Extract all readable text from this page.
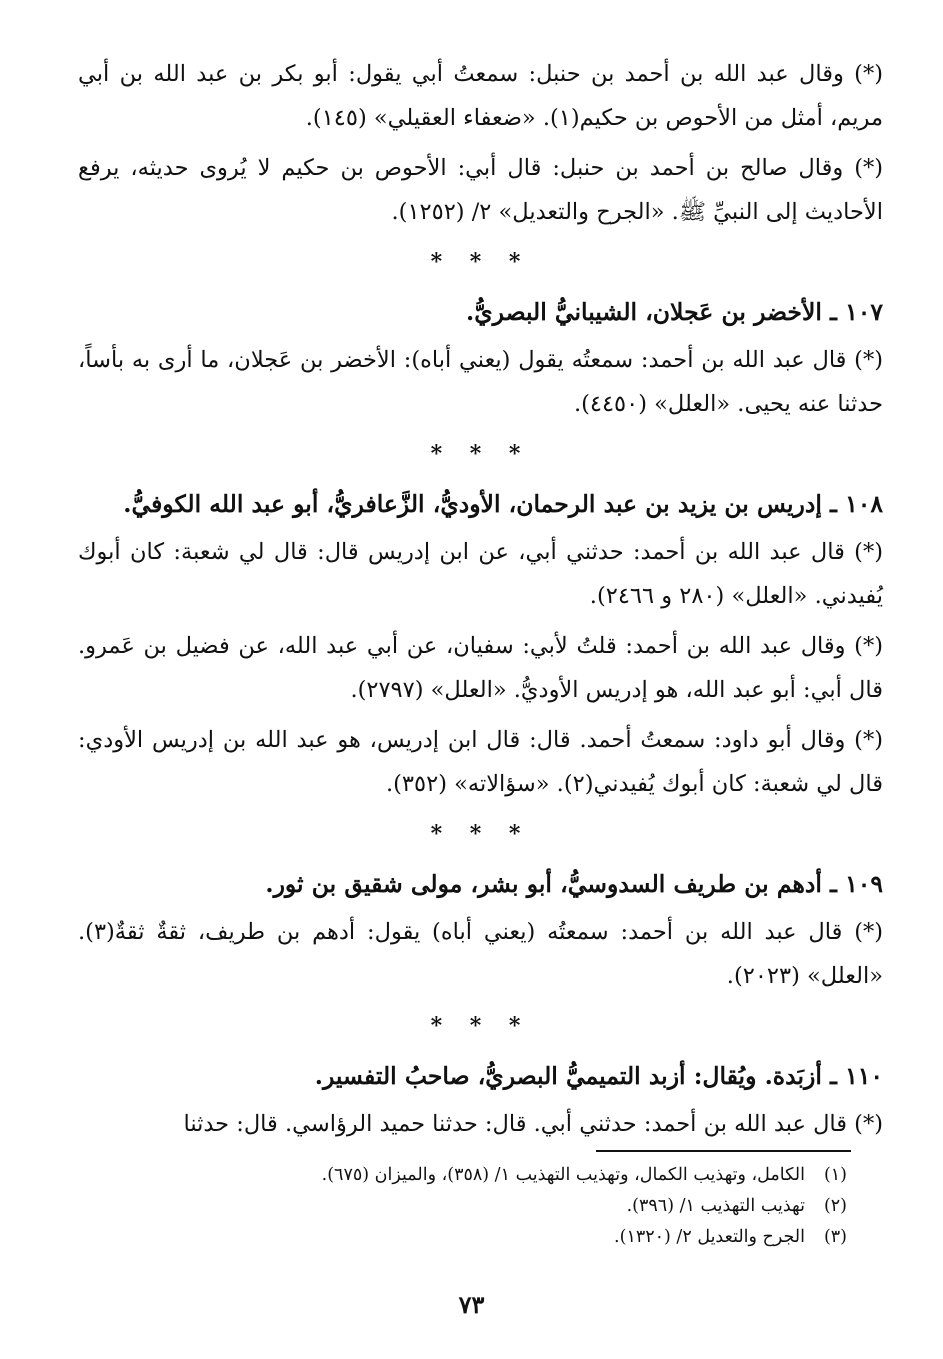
(*) وقال عبد الله بن أحمد بن حنبل: سمعتُ أبي يقول: أبو بكر بن عبد الله بن أبي مريم، أمثل من الأحوص بن حكيم(١). «ضعفاء العقيلي» (١٤٥).

(*) وقال صالح بن أحمد بن حنبل: قال أبي: الأحوص بن حكيم لا يُروى حديثه، يرفع الأحاديث إلى النبيِّ ﷺ. «الجرح والتعديل» ٢/ (١٢٥٢).

* * *
١٠٧ ـ الأخضر بن عَجلان، الشيبانيُّ البصريُّ.

(*) قال عبد الله بن أحمد: سمعتُه يقول (يعني أباه): الأخضر بن عَجلان، ما أرى به بأساً، حدثنا عنه يحيى. «العلل» (٤٤٥٠).

* * *
١٠٨ ـ إدريس بن يزيد بن عبد الرحمان، الأوديُّ، الزَّعافريُّ، أبو عبد الله الكوفيُّ.

(*) قال عبد الله بن أحمد: حدثني أبي، عن ابن إدريس قال: قال لي شعبة: كان أبوك يُفيدني. «العلل» (٢٨٠ و ٢٤٦٦).

(*) وقال عبد الله بن أحمد: قلتُ لأبي: سفيان، عن أبي عبد الله، عن فضيل بن عَمرو. قال أبي: أبو عبد الله، هو إدريس الأوديُّ. «العلل» (٢٧٩٧).

(*) وقال أبو داود: سمعتُ أحمد. قال: قال ابن إدريس، هو عبد الله بن إدريس الأودي: قال لي شعبة: كان أبوك يُفيدني(٢). «سؤالاته» (٣٥٢).

* * *
١٠٩ ـ أدهم بن طريف السدوسيُّ، أبو بشر، مولى شقيق بن ثور.

(*) قال عبد الله بن أحمد: سمعتُه (يعني أباه) يقول: أدهم بن طريف، ثقةٌ ثقةٌ(٣). «العلل» (٢٠٢٣).

* * *
١١٠ ـ أزبَدة. ويُقال: أزبد التميميُّ البصريُّ، صاحبُ التفسير.

(*) قال عبد الله بن أحمد: حدثني أبي. قال: حدثنا حميد الرؤاسي. قال: حدثنا

(١)
الكامل، وتهذيب الكمال، وتهذيب التهذيب ١/ (٣٥٨)، والميزان (٦٧٥).
(٢)
تهذيب التهذيب ١/ (٣٩٦).
(٣)
الجرح والتعديل ٢/ (١٣٢٠).
٧٣
